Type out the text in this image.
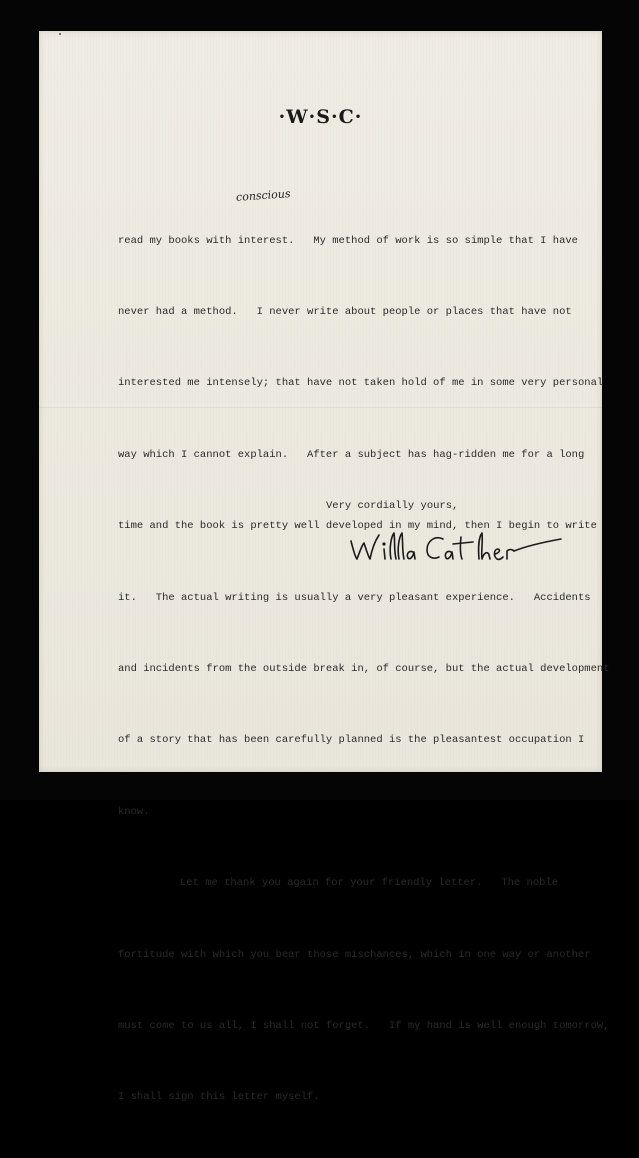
·W·S·C·
conscious

read my books with interest.   My method of work is so simple that I have

never had a method.   I never write about people or places that have not

interested me intensely; that have not taken hold of me in some very personal

way which I cannot explain.   After a subject has hag-ridden me for a long

time and the book is pretty well developed in my mind, then I begin to write

it.   The actual writing is usually a very pleasant experience.   Accidents

and incidents from the outside break in, of course, but the actual development

of a story that has been carefully planned is the pleasantest occupation I

know.

Let me thank you again for your friendly letter.   The noble

fortitude with which you bear those mischances, which in one way or another

must come to us all, I shall not forget.   If my hand is well enough tomorrow,

I shall sign this letter myself.

Very cordially yours,
